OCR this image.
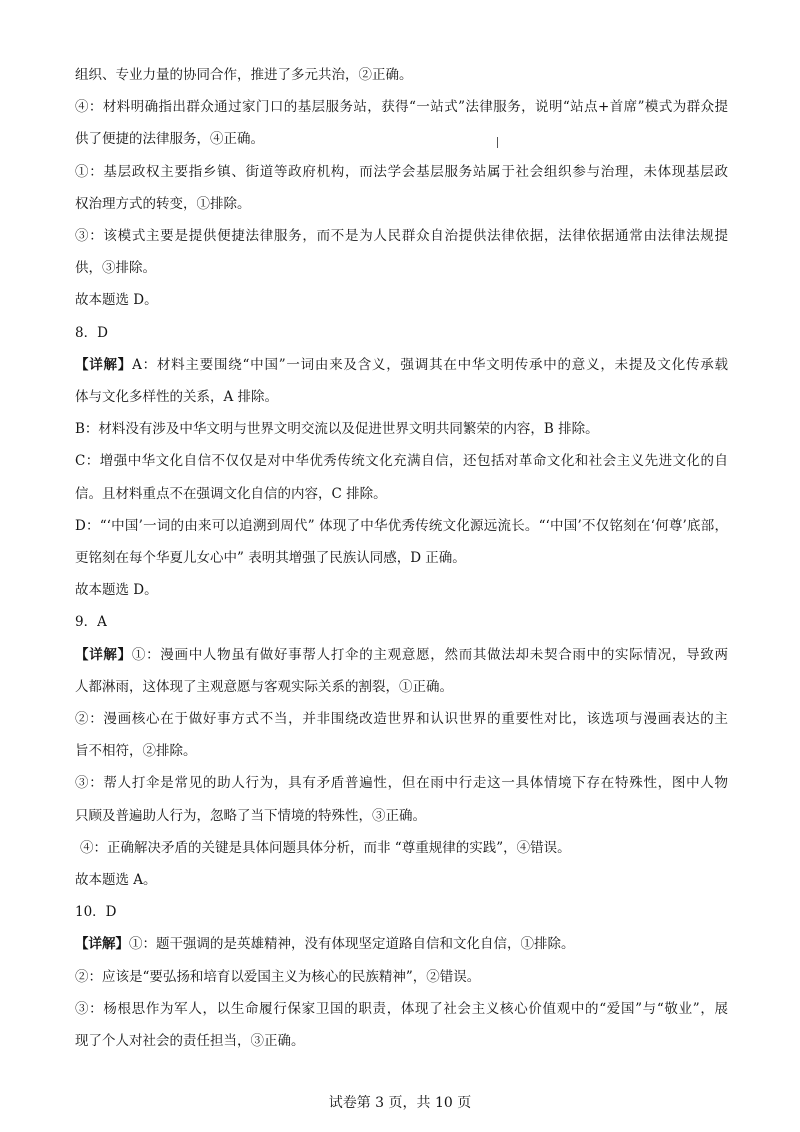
组织、专业力量的协同合作，推进了多元共治，②正确。
④：材料明确指出群众通过家门口的基层服务站，获得“一站式”法律服务，说明“站点+首席”模式为群众提
供了便捷的法律服务，④正确。
①：基层政权主要指乡镇、街道等政府机构，而法学会基层服务站属于社会组织参与治理，未体现基层政
权治理方式的转变，①排除。
③：该模式主要是提供便捷法律服务，而不是为人民群众自治提供法律依据，法律依据通常由法律法规提
供，③排除。
故本题选 D。
8．D
【详解】A：材料主要围绕“中国”一词由来及含义，强调其在中华文明传承中的意义，未提及文化传承载
体与文化多样性的关系，A 排除。
B：材料没有涉及中华文明与世界文明交流以及促进世界文明共同繁荣的内容，B 排除。
C：增强中华文化自信不仅仅是对中华优秀传统文化充满自信，还包括对革命文化和社会主义先进文化的自
信。且材料重点不在强调文化自信的内容，C 排除。
D：“‘中国’一词的由来可以追溯到周代” 体现了中华优秀传统文化源远流长。“‘中国’不仅铭刻在‘何尊’底部，
更铭刻在每个华夏儿女心中” 表明其增强了民族认同感，D 正确。
故本题选 D。
9．A
【详解】①：漫画中人物虽有做好事帮人打伞的主观意愿，然而其做法却未契合雨中的实际情况，导致两
人都淋雨，这体现了主观意愿与客观实际关系的割裂，①正确。
②：漫画核心在于做好事方式不当，并非围绕改造世界和认识世界的重要性对比，该选项与漫画表达的主
旨不相符，②排除。
③：帮人打伞是常见的助人行为，具有矛盾普遍性，但在雨中行走这一具体情境下存在特殊性，图中人物
只顾及普遍助人行为，忽略了当下情境的特殊性，③正确。
④：正确解决矛盾的关键是具体问题具体分析，而非 “尊重规律的实践”，④错误。
故本题选 A。
10．D
【详解】①：题干强调的是英雄精神，没有体现坚定道路自信和文化自信，①排除。
②：应该是“要弘扬和培育以爱国主义为核心的民族精神”，②错误。
③：杨根思作为军人，以生命履行保家卫国的职责，体现了社会主义核心价值观中的“爱国”与“敬业”，展
现了个人对社会的责任担当，③正确。
试卷第 3 页，共 10 页
